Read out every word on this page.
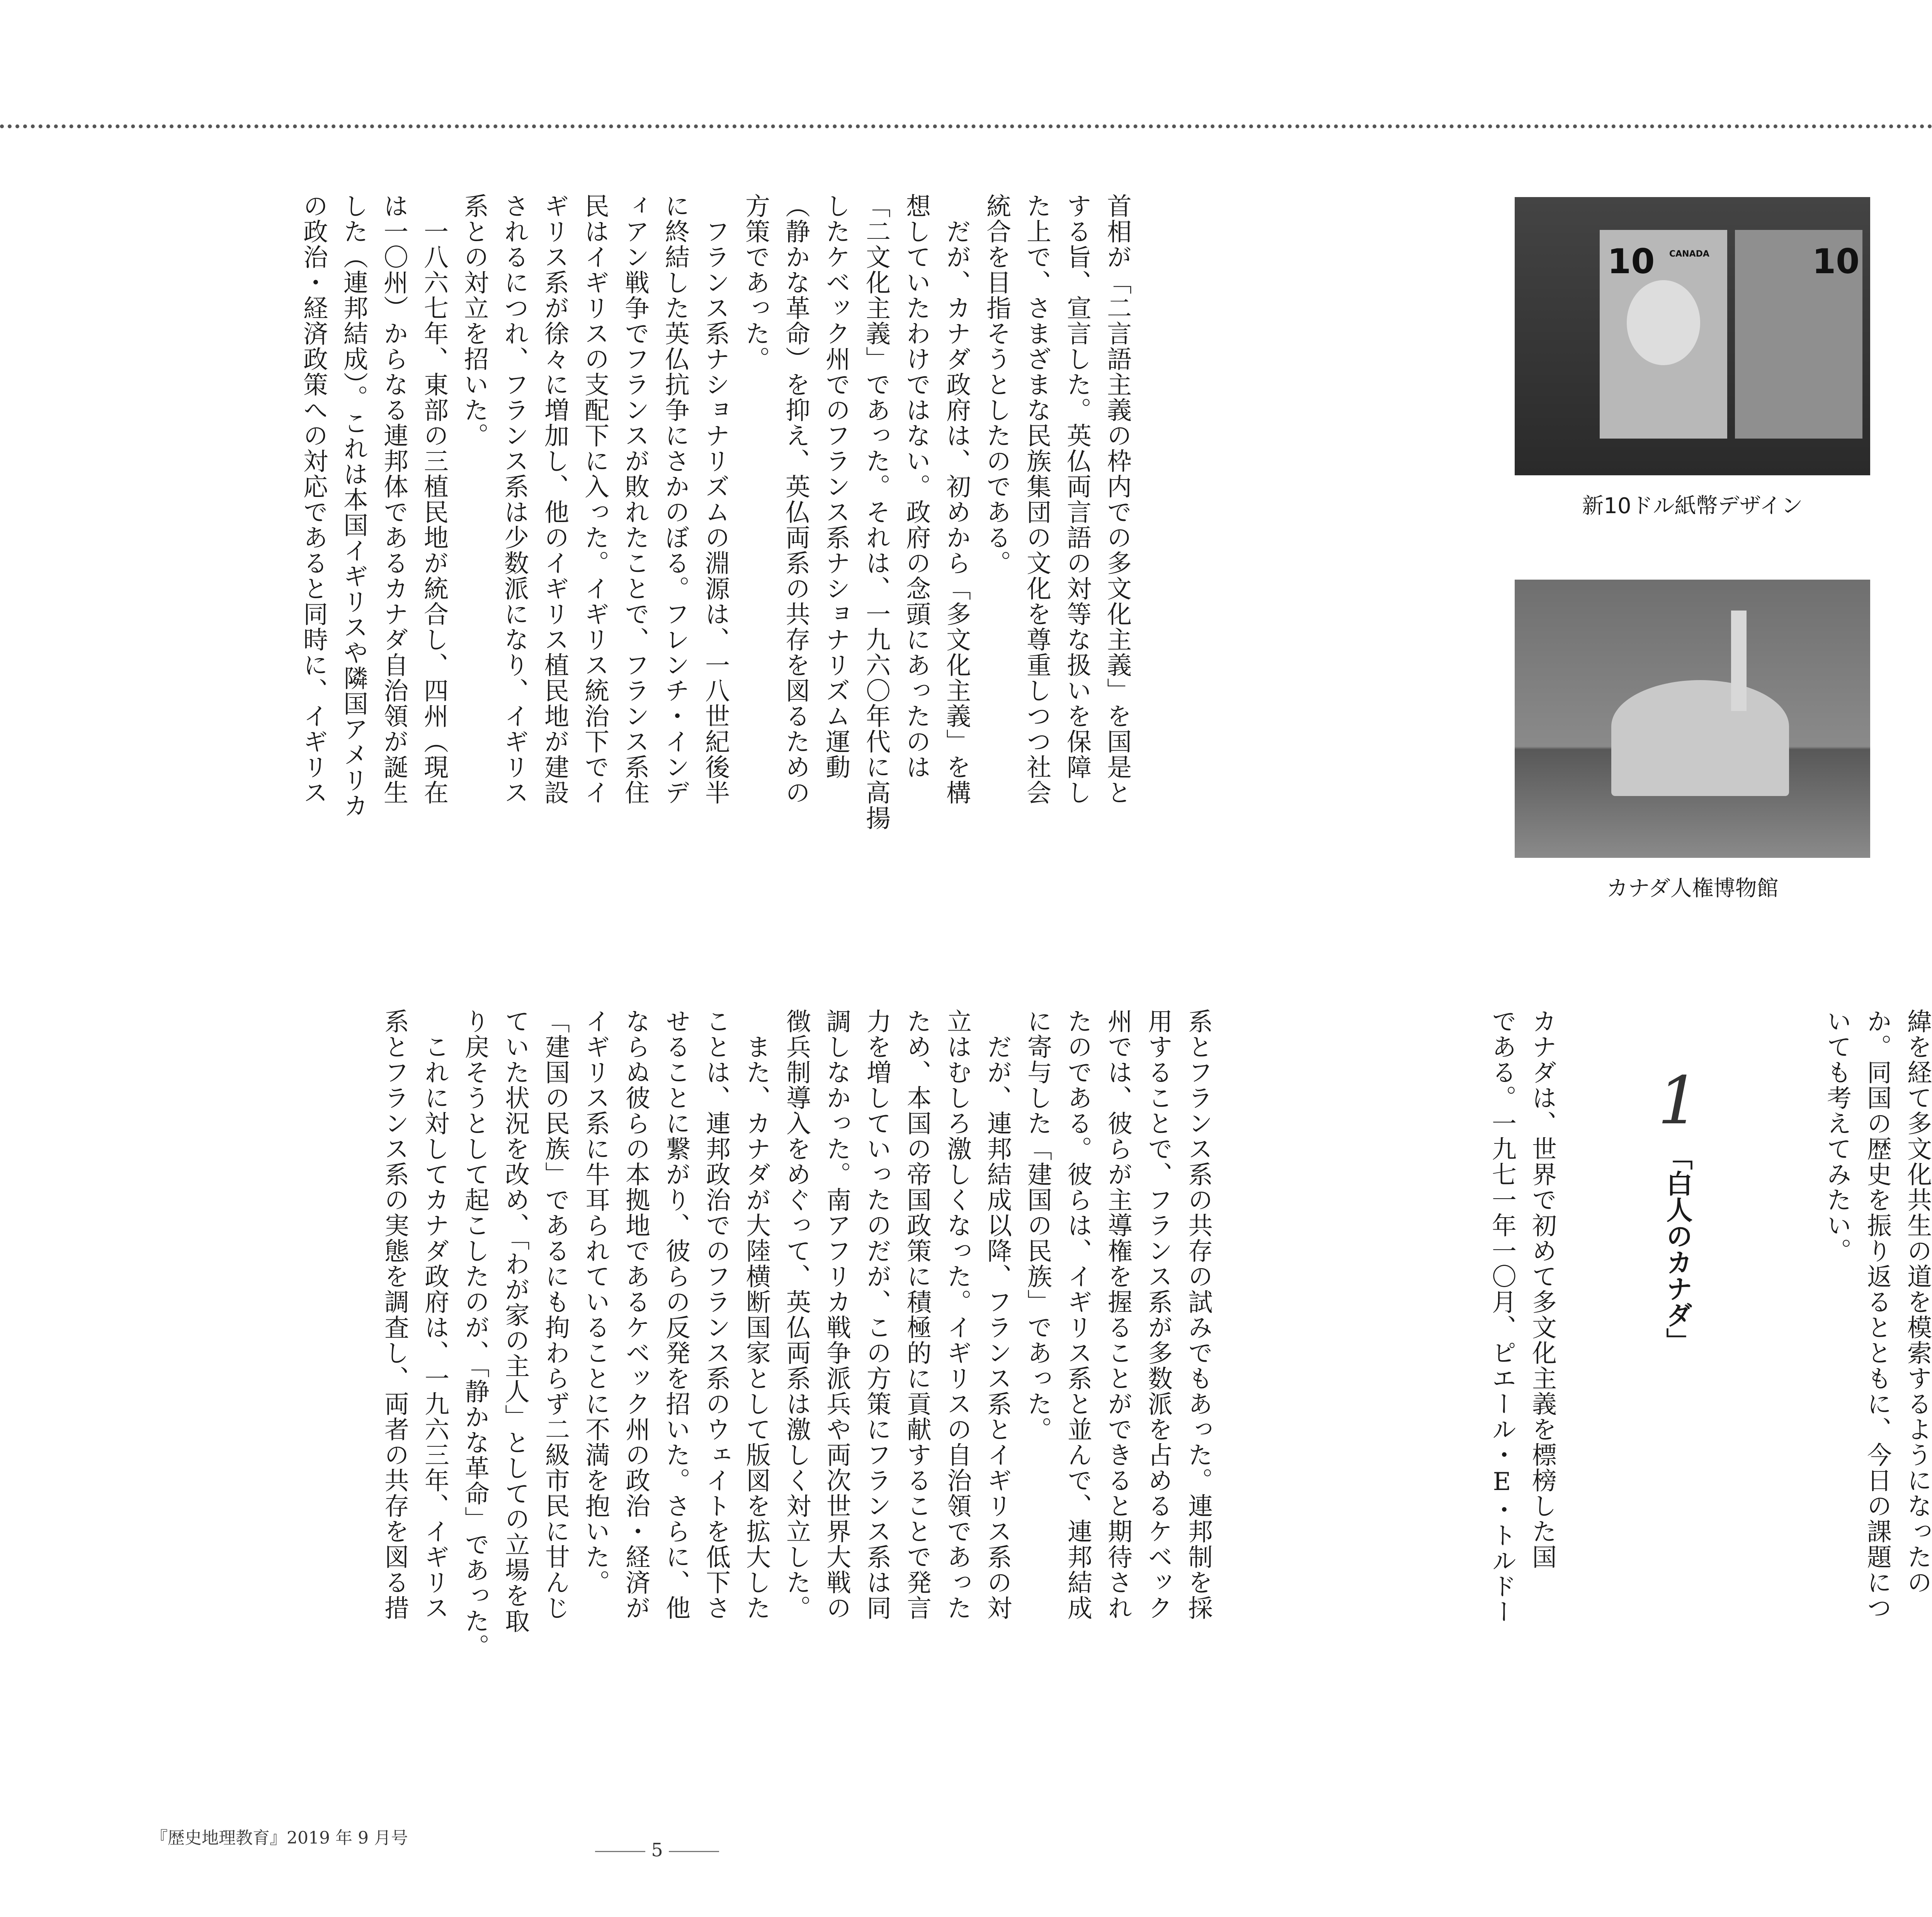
10 CANADA	10
新10ドル紙幣デザイン
カナダ人権博物館

緯を経て多文化共生の道を模索するようになったの
か。同国の歴史を振り返るとともに、今日の課題につ
いても考えてみたい。
1
「白人のカナダ」
カナダは、世界で初めて多文化主義を標榜した国
である。一九七一年一〇月、ピエール・E・トルドー
首相が「二言語主義の枠内での多文化主義」を国是と
する旨、宣言した。英仏両言語の対等な扱いを保障し
た上で、さまざまな民族集団の文化を尊重しつつ社会
統合を目指そうとしたのである。
　だが、カナダ政府は、初めから「多文化主義」を構
想していたわけではない。政府の念頭にあったのは
「二文化主義」であった。それは、一九六〇年代に高揚
したケベック州でのフランス系ナショナリズム運動
（静かな革命）を抑え、英仏両系の共存を図るための
方策であった。
　フランス系ナショナリズムの淵源は、一八世紀後半
に終結した英仏抗争にさかのぼる。フレンチ・インデ
ィアン戦争でフランスが敗れたことで、フランス系住
民はイギリスの支配下に入った。イギリス統治下でイ
ギリス系が徐々に増加し、他のイギリス植民地が建設
されるにつれ、フランス系は少数派になり、イギリス
系との対立を招いた。
　一八六七年、東部の三植民地が統合し、四州（現在
は一〇州）からなる連邦体であるカナダ自治領が誕生
した（連邦結成）。これは本国イギリスや隣国アメリカ
の政治・経済政策への対応であると同時に、イギリス
系とフランス系の共存の試みでもあった。連邦制を採
用することで、フランス系が多数派を占めるケベック
州では、彼らが主導権を握ることができると期待され
たのである。彼らは、イギリス系と並んで、連邦結成
に寄与した「建国の民族」であった。
　だが、連邦結成以降、フランス系とイギリス系の対
立はむしろ激しくなった。イギリスの自治領であった
ため、本国の帝国政策に積極的に貢献することで発言
力を増していったのだが、この方策にフランス系は同
調しなかった。南アフリカ戦争派兵や両次世界大戦の
徴兵制導入をめぐって、英仏両系は激しく対立した。
　また、カナダが大陸横断国家として版図を拡大した
ことは、連邦政治でのフランス系のウェイトを低下さ
せることに繋がり、彼らの反発を招いた。さらに、他
ならぬ彼らの本拠地であるケベック州の政治・経済が
イギリス系に牛耳られていることに不満を抱いた。
「建国の民族」であるにも拘わらず二級市民に甘んじ
ていた状況を改め、「わが家の主人」としての立場を取
り戻そうとして起こしたのが、「静かな革命」であった。
　これに対してカナダ政府は、一九六三年、イギリス
系とフランス系の実態を調査し、両者の共存を図る措
5

『歴史地理教育』2019 年 9 月号
